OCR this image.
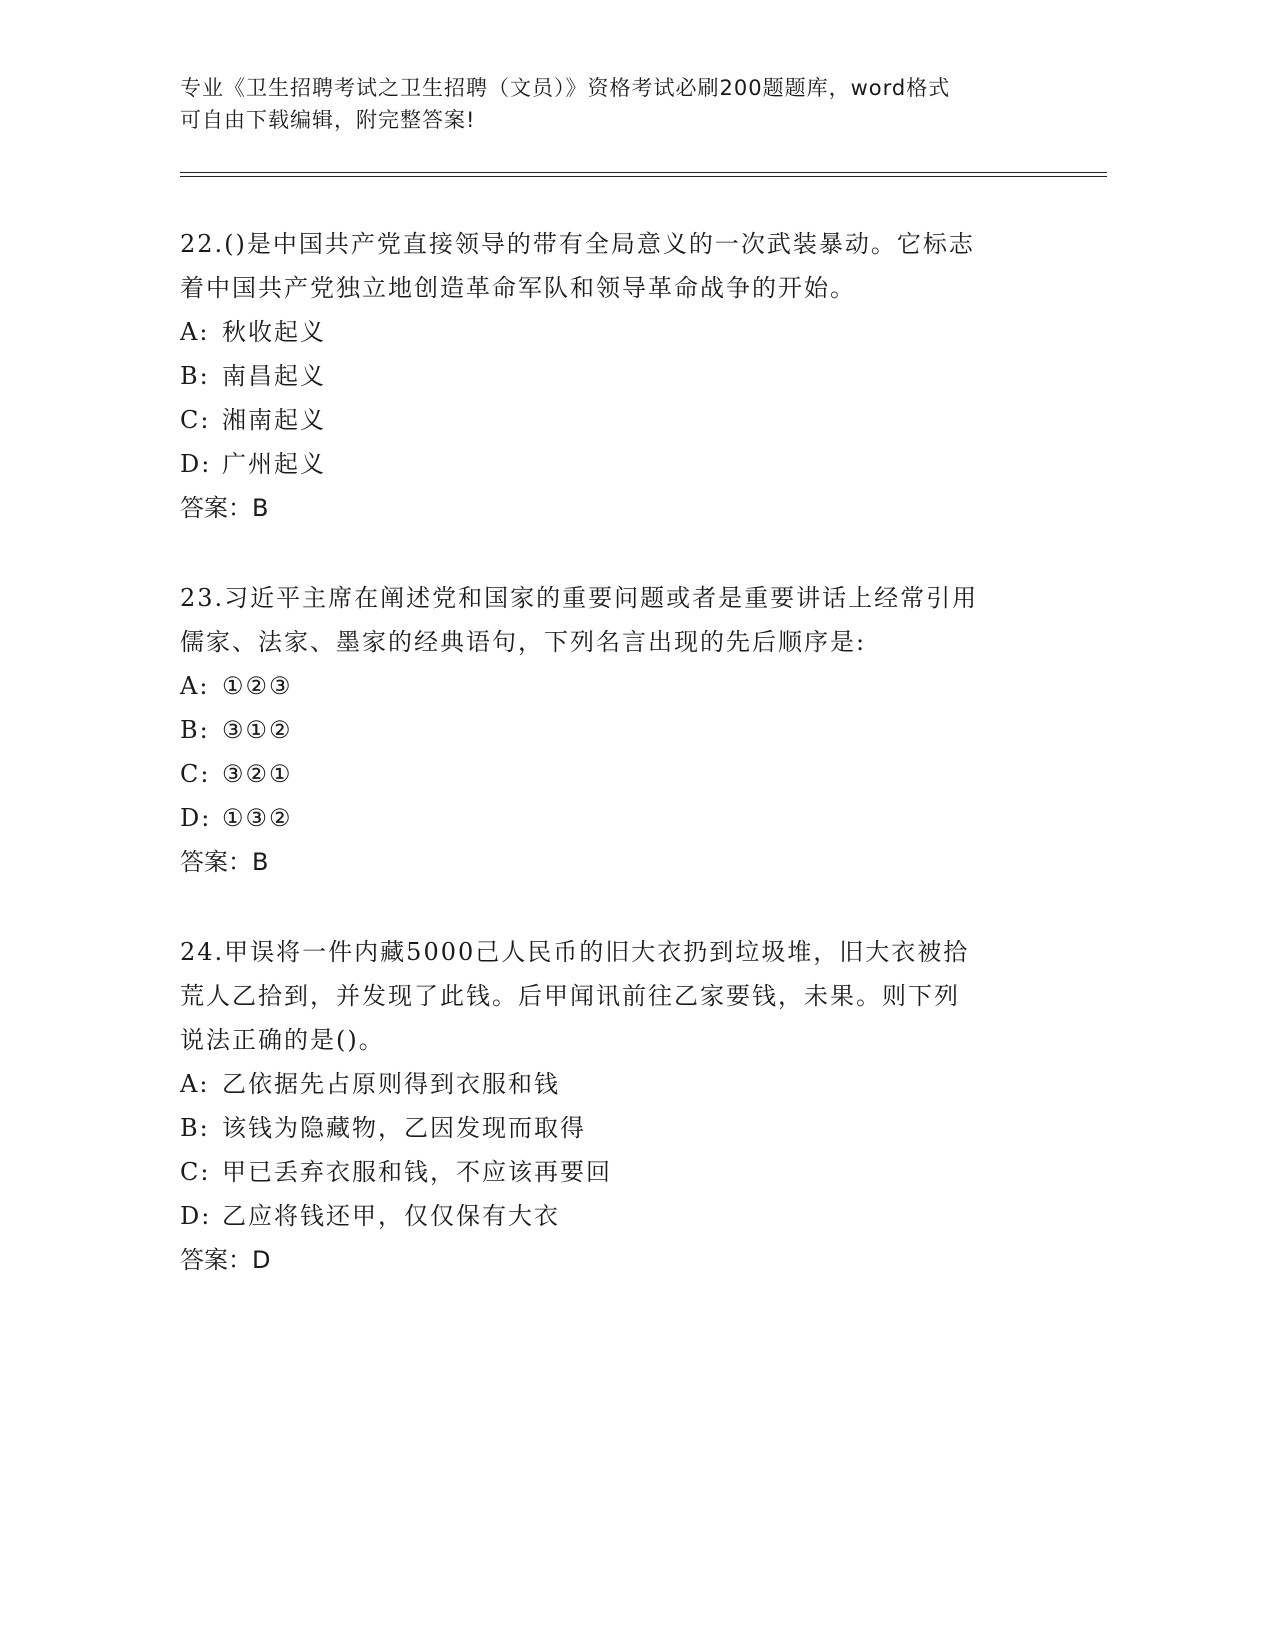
专业《卫生招聘考试之卫生招聘（文员）》资格考试必刷200题题库，word格式
可自由下载编辑，附完整答案!

22.()是中国共产党直接领导的带有全局意义的一次武装暴动。它标志

着中国共产党独立地创造革命军队和领导革命战争的开始。

A: 秋收起义

B: 南昌起义

C: 湘南起义

D: 广州起义

答案：B

23.习近平主席在阐述党和国家的重要问题或者是重要讲话上经常引用

儒家、法家、墨家的经典语句，下列名言出现的先后顺序是:

A: ①②③

B: ③①②

C: ③②①

D: ①③②

答案：B

24.甲误将一件内藏5000己人民币的旧大衣扔到垃圾堆，旧大衣被拾

荒人乙拾到，并发现了此钱。后甲闻讯前往乙家要钱，未果。则下列

说法正确的是()。

A: 乙依据先占原则得到衣服和钱

B: 该钱为隐藏物，乙因发现而取得

C: 甲已丢弃衣服和钱，不应该再要回

D: 乙应将钱还甲，仅仅保有大衣

答案：D
